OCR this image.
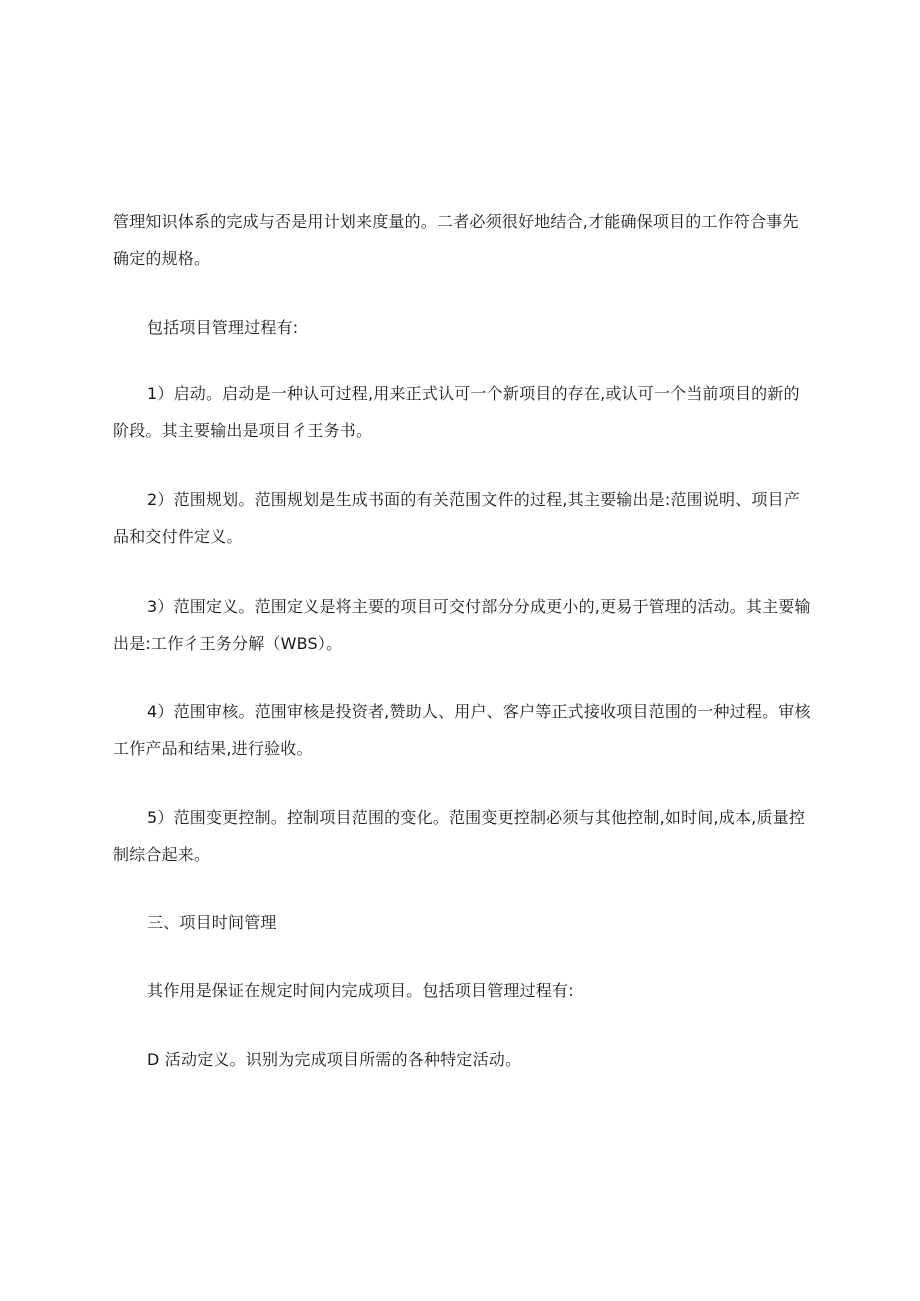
管理知识体系的完成与否是用计划来度量的。二者必须很好地结合,才能确保项目的工作符合事先确定的规格。

包括项目管理过程有:

1）启动。启动是一种认可过程,用来正式认可一个新项目的存在,或认可一个当前项目的新的阶段。其主要输出是项目彳王务书。

2）范围规划。范围规划是生成书面的有关范围文件的过程,其主要输出是:范围说明、项目产品和交付件定义。

3）范围定义。范围定义是将主要的项目可交付部分分成更小的,更易于管理的活动。其主要输出是:工作彳王务分解（WBS）。

4）范围审核。范围审核是投资者,赞助人、用户、客户等正式接收项目范围的一种过程。审核工作产品和结果,进行验收。

5）范围变更控制。控制项目范围的变化。范围变更控制必须与其他控制,如时间,成本,质量控制综合起来。

三、项目时间管理

其作用是保证在规定时间内完成项目。包括项目管理过程有:

D 活动定义。识别为完成项目所需的各种特定活动。
